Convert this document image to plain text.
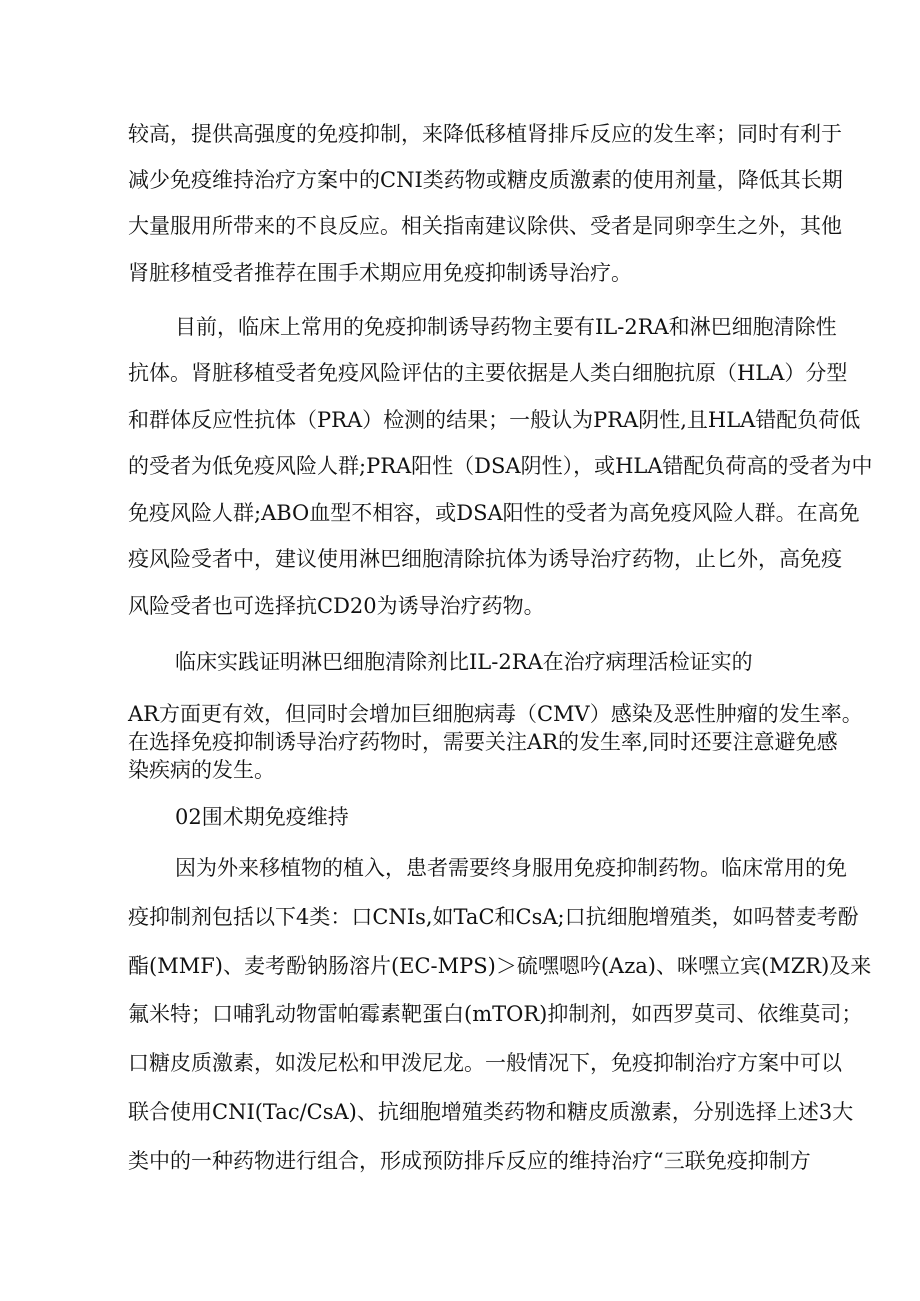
较高，提供高强度的免疫抑制，来降低移植肾排斥反应的发生率；同时有利于
减少免疫维持治疗方案中的CNI类药物或糖皮质激素的使用剂量，降低其长期
大量服用所带来的不良反应。相关指南建议除供、受者是同卵孪生之外，其他
肾脏移植受者推荐在围手术期应用免疫抑制诱导治疗。
目前，临床上常用的免疫抑制诱导药物主要有IL-2RA和淋巴细胞清除性
抗体。肾脏移植受者免疫风险评估的主要依据是人类白细胞抗原（HLA）分型
和群体反应性抗体（PRA）检测的结果；一般认为PRA阴性,且HLA错配负荷低
的受者为低免疫风险人群;PRA阳性（DSA阴性），或HLA错配负荷高的受者为中
免疫风险人群;ABO血型不相容，或DSA阳性的受者为高免疫风险人群。在高免
疫风险受者中，建议使用淋巴细胞清除抗体为诱导治疗药物，止匕外，高免疫
风险受者也可选择抗CD20为诱导治疗药物。
临床实践证明淋巴细胞清除剂比IL-2RA在治疗病理活检证实的
AR方面更有效，但同时会增加巨细胞病毒（CMV）感染及恶性肿瘤的发生率。
在选择免疫抑制诱导治疗药物时，需要关注AR的发生率,同时还要注意避免感
染疾病的发生。
02围术期免疫维持
因为外来移植物的植入，患者需要终身服用免疫抑制药物。临床常用的免
疫抑制剂包括以下4类：口CNIs,如TaC和CsA;口抗细胞增殖类，如吗替麦考酚
酯(MMF)、麦考酚钠肠溶片(EC-MPS)＞硫嘿嗯吟(Aza)、咪嘿立宾(MZR)及来
氟米特；口哺乳动物雷帕霉素靶蛋白(mTOR)抑制剂，如西罗莫司、依维莫司；
口糖皮质激素，如泼尼松和甲泼尼龙。一般情况下，免疫抑制治疗方案中可以
联合使用CNI(Tac/CsA)、抗细胞增殖类药物和糖皮质激素，分别选择上述3大
类中的一种药物进行组合，形成预防排斥反应的维持治疗“三联免疫抑制方
